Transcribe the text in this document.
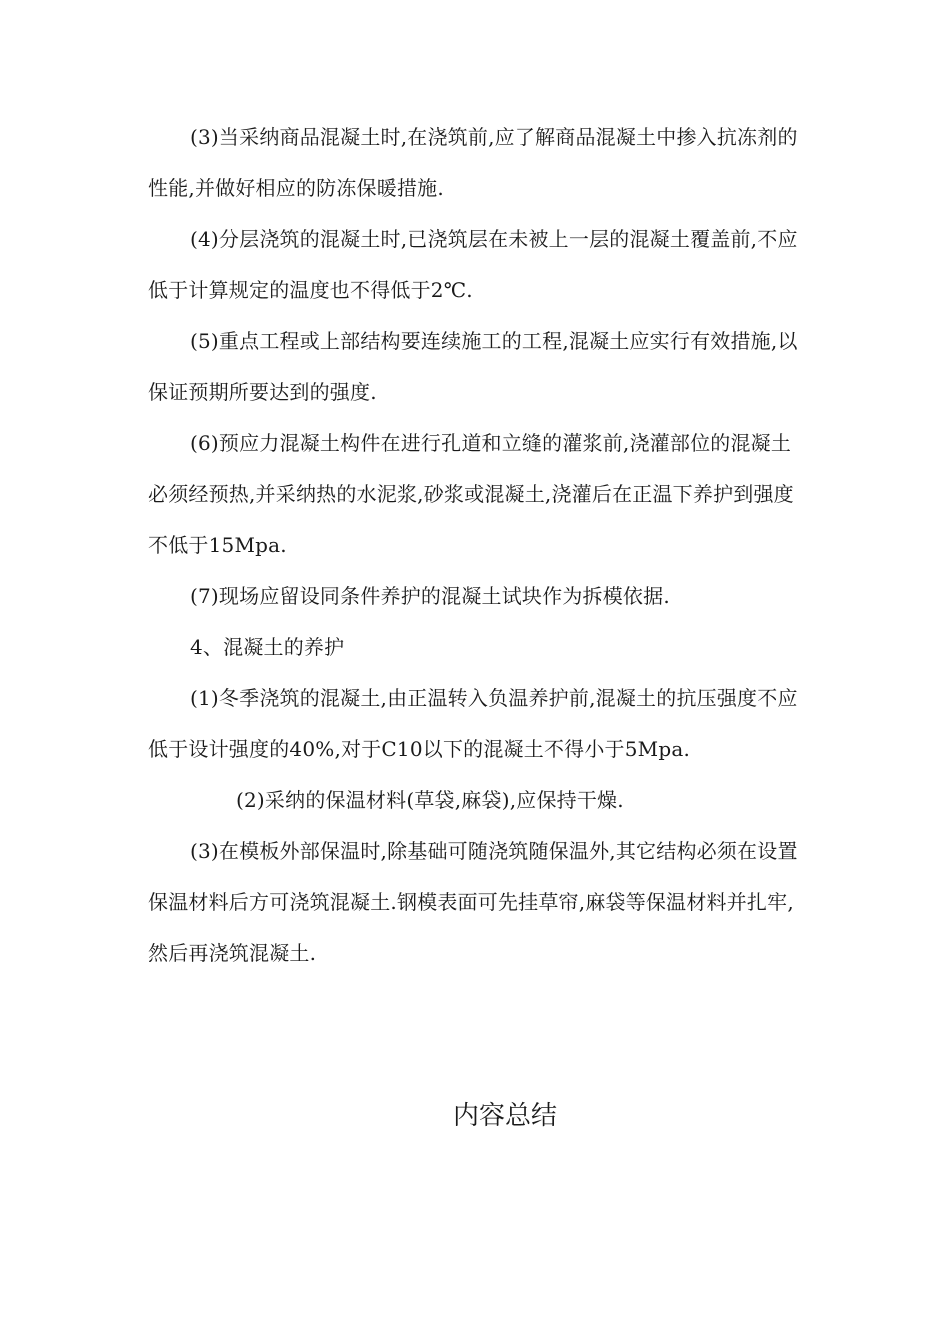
(3)当采纳商品混凝土时,在浇筑前,应了解商品混凝土中掺入抗冻剂的性能,并做好相应的防冻保暖措施.

(4)分层浇筑的混凝土时,已浇筑层在未被上一层的混凝土覆盖前,不应低于计算规定的温度也不得低于2℃.

(5)重点工程或上部结构要连续施工的工程,混凝土应实行有效措施,以保证预期所要达到的强度.

(6)预应力混凝土构件在进行孔道和立缝的灌浆前,浇灌部位的混凝土必须经预热,并采纳热的水泥浆,砂浆或混凝土,浇灌后在正温下养护到强度不低于15Mpa.

(7)现场应留设同条件养护的混凝土试块作为拆模依据.

4、混凝土的养护

(1)冬季浇筑的混凝土,由正温转入负温养护前,混凝土的抗压强度不应低于设计强度的40%,对于C10以下的混凝土不得小于5Mpa.

(2)采纳的保温材料(草袋,麻袋),应保持干燥.

(3)在模板外部保温时,除基础可随浇筑随保温外,其它结构必须在设置保温材料后方可浇筑混凝土.钢模表面可先挂草帘,麻袋等保温材料并扎牢,然后再浇筑混凝土.

内容总结
